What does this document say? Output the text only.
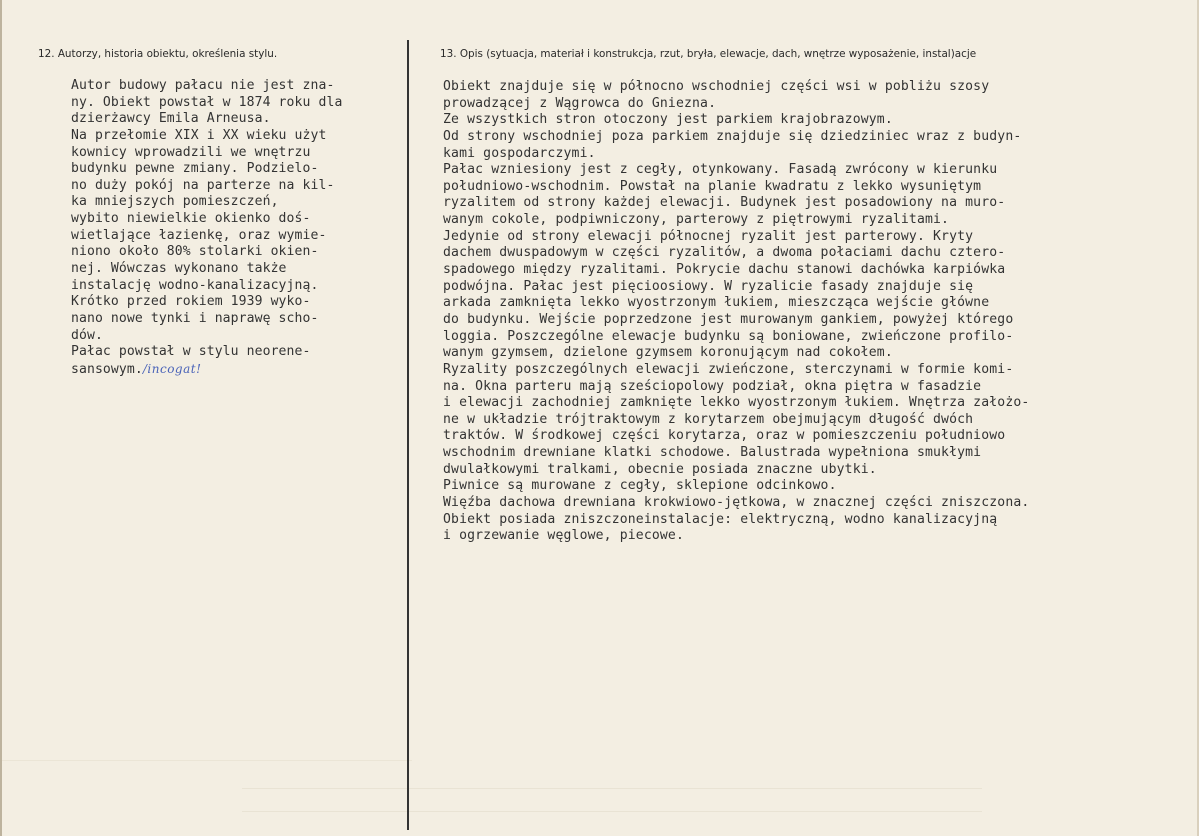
12. Autorzy, historia obiektu, określenia stylu.	13. Opis (sytuacja, materiał i konstrukcja, rzut, bryła, elewacje, dach, wnętrze wyposażenie, instal)acje
Autor budowy pałacu nie jest zna-
ny. Obiekt powstał w 1874 roku dla
dzierżawcy Emila Arneusa.
Na przełomie XIX i XX wieku użyt
kownicy wprowadzili we wnętrzu
budynku pewne zmiany. Podzielo-
no duży pokój na parterze na kil-
ka mniejszych pomieszczeń,
wybito niewielkie okienko doś-
wietlające łazienkę, oraz wymie-
niono około 80% stolarki okien-
nej. Wówczas wykonano także
instalację wodno-kanalizacyjną.
Krótko przed rokiem 1939 wyko-
nano nowe tynki i naprawę scho-
dów.
Pałac powstał w stylu neorene-
sansowym./incogat!
Obiekt znajduje się w północno wschodniej części wsi w pobliżu szosy
prowadzącej z Wągrowca do Gniezna.
Ze wszystkich stron otoczony jest parkiem krajobrazowym.
Od strony wschodniej poza parkiem znajduje się dziedziniec wraz z budyn-
kami gospodarczymi.
Pałac wzniesiony jest z cegły, otynkowany. Fasadą zwrócony w kierunku
południowo-wschodnim. Powstał na planie kwadratu z lekko wysuniętym
ryzalitem od strony każdej elewacji. Budynek jest posadowiony na muro-
wanym cokole, podpiwniczony, parterowy z piętrowymi ryzalitami.
Jedynie od strony elewacji północnej ryzalit jest parterowy. Kryty
dachem dwuspadowym w części ryzalitów, a dwoma połaciami dachu cztero-
spadowego między ryzalitami. Pokrycie dachu stanowi dachówka karpiówka
podwójna. Pałac jest pięcioosiowy. W ryzalicie fasady znajduje się
arkada zamknięta lekko wyostrzonym łukiem, mieszcząca wejście główne
do budynku. Wejście poprzedzone jest murowanym gankiem, powyżej którego
loggia. Poszczególne elewacje budynku są boniowane, zwieńczone profilo-
wanym gzymsem, dzielone gzymsem koronującym nad cokołem.
Ryzality poszczególnych elewacji zwieńczone, sterczynami w formie komi-
na. Okna parteru mają sześciopolowy podział, okna piętra w fasadzie
i elewacji zachodniej zamknięte lekko wyostrzonym łukiem. Wnętrza założo-
ne w układzie trójtraktowym z korytarzem obejmującym długość dwóch
traktów. W środkowej części korytarza, oraz w pomieszczeniu południowo
wschodnim drewniane klatki schodowe. Balustrada wypełniona smukłymi
dwulałkowymi tralkami, obecnie posiada znaczne ubytki.
Piwnice są murowane z cegły, sklepione odcinkowo.
Więźba dachowa drewniana krokwiowo-jętkowa, w znacznej części zniszczona.
Obiekt posiada zniszczoneinstalacje: elektryczną, wodno kanalizacyjną
i ogrzewanie węglowe, piecowe.
